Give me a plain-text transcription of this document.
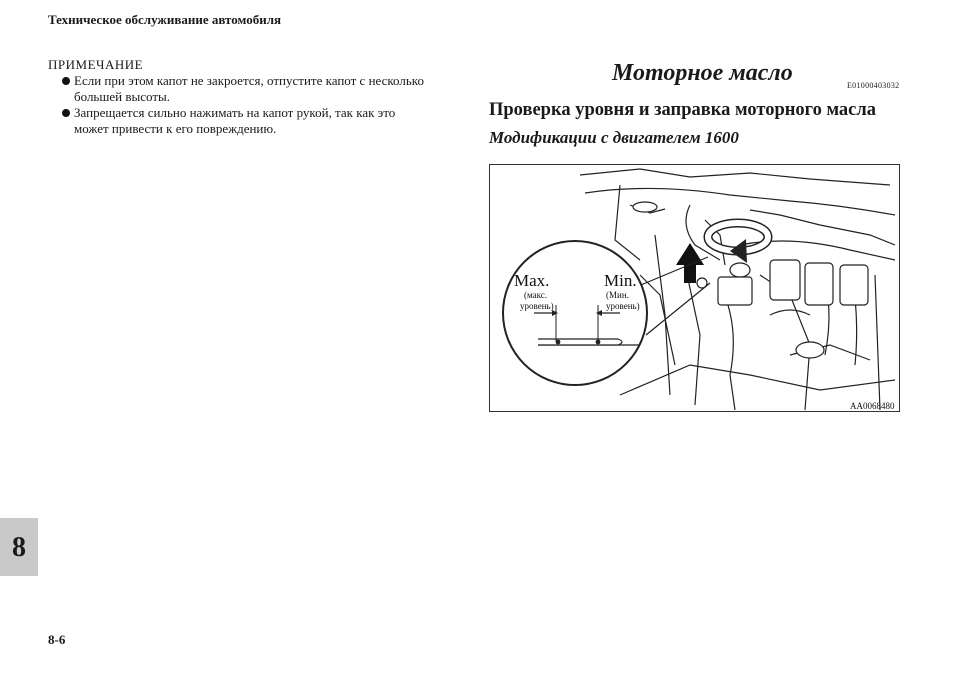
Техническое обслуживание автомобиля
ПРИМЕЧАНИЕ
Если при этом капот не закроется, отпустите капот с несколько
большей высоты.
Запрещается сильно нажимать на капот рукой, так как это
может привести к его повреждению.
Моторное масло	E01000403032
Проверка уровня и заправка моторного масла
Модификации с двигателем 1600
Max.
(макс.
уровень)
Min.
(Мин.
уровень)
AA0068480
8
8-6
